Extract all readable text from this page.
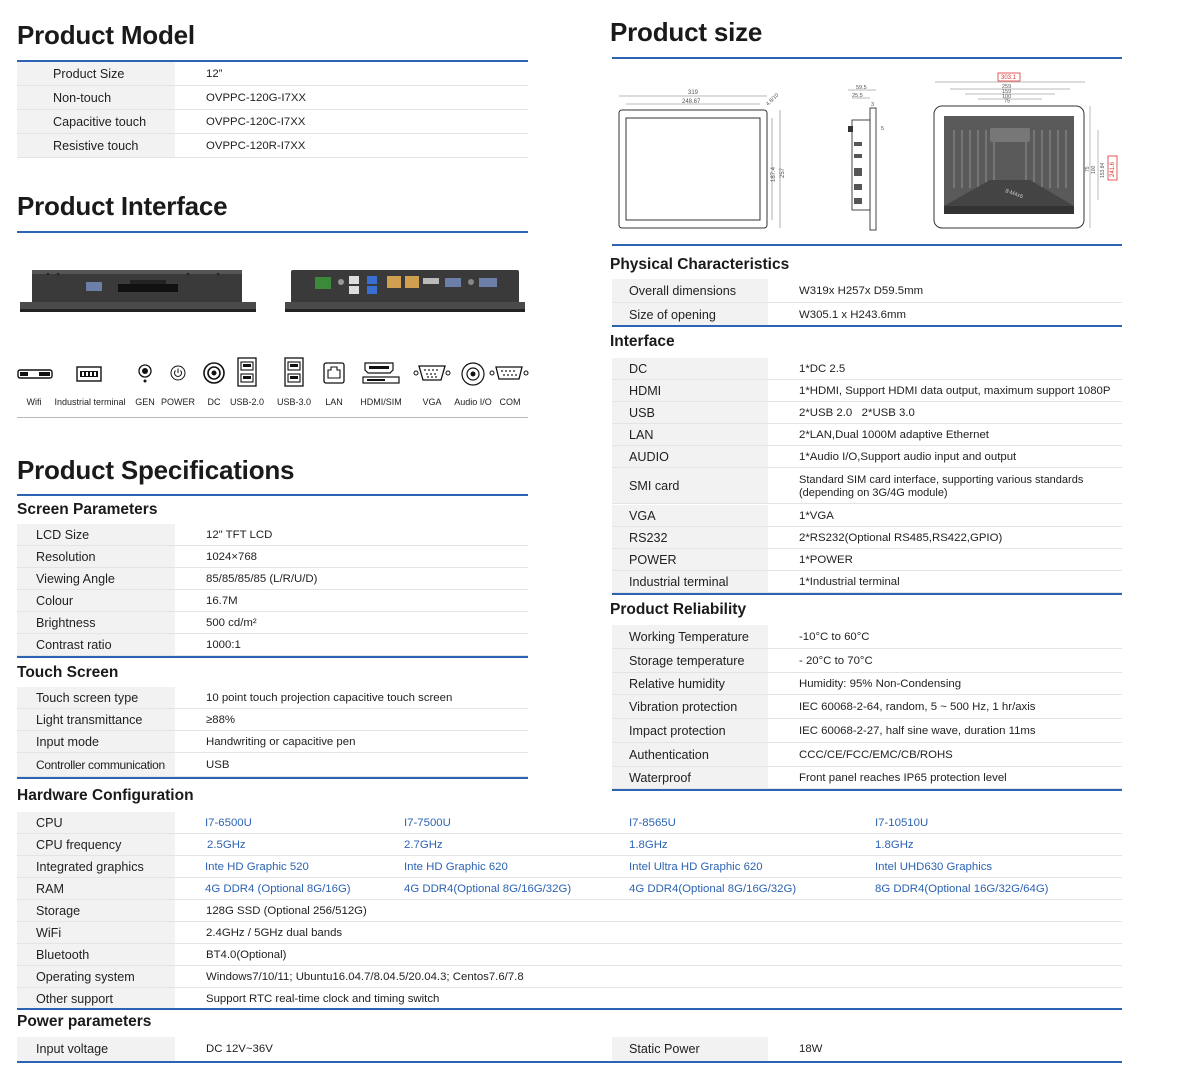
Product Model
Product Size	12”
Non-touch	OVPPC-120G-I7XX
Capacitive touch	OVPPC-120C-I7XX
Resistive touch	OVPPC-120R-I7XX
Product Interface
Wifi	Industrial terminal	GEN POWER	DC	USB-2.0	USB-3.0	LAN	HDMI/SIM	VGA	Audio I/O COM
Product Specifications
Screen Parameters
LCD Size	12" TFT LCD
Resolution	1024×768
Viewing Angle	85/85/85/85 (L/R/U/D)
Colour	16.7M
Brightness	500 cd/m²
Contrast ratio	1000:1
Touch Screen
Touch screen type	10 point touch projection capacitive touch screen
Light transmittance	≥88%
Input mode	Handwriting or capacitive pen
Controller communication	USB
Product size
319
248.67
187.4 257
4.8/10
59.5
25.5
3
5
303.1
259
159
100
75
8-M4x6
241.6
153.84
100
75
Physical Characteristics
Overall dimensions	W319x H257x D59.5mm
Size of opening	W305.1 x H243.6mm
Interface
DC	1*DC 2.5
HDMI	1*HDMI, Support HDMI data output, maximum support 1080P
USB	2*USB 2.0   2*USB 3.0
LAN	2*LAN,Dual 1000M adaptive Ethernet
AUDIO	1*Audio I/O,Support audio input and output
SMI card	Standard SIM card interface, supporting various standards
(depending on 3G/4G module)
VGA	1*VGA
RS232	2*RS232(Optional RS485,RS422,GPIO)
POWER	1*POWER
Industrial terminal	1*Industrial terminal
Product Reliability
Working Temperature	-10°C to 60°C
Storage temperature	- 20°C to 70°C
Relative humidity	Humidity: 95% Non-Condensing
Vibration protection	IEC 60068-2-64, random, 5 ~ 500 Hz, 1 hr/axis
Impact protection	IEC 60068-2-27, half sine wave, duration 11ms
Authentication	CCC/CE/FCC/EMC/CB/ROHS
Waterproof	Front panel reaches IP65 protection level
Hardware Configuration
CPU	I7-6500U	I7-7500U	I7-8565U	I7-10510U
CPU frequency	2.5GHz	2.7GHz	1.8GHz	1.8GHz
Integrated graphics	Inte HD Graphic 520	Inte HD Graphic 620	Intel Ultra HD Graphic 620	Intel UHD630 Graphics
RAM	4G DDR4 (Optional 8G/16G)	4G DDR4(Optional 8G/16G/32G)	4G DDR4(Optional 8G/16G/32G)	8G DDR4(Optional 16G/32G/64G)
Storage	128G SSD (Optional 256/512G)
WiFi	2.4GHz / 5GHz dual bands
Bluetooth	BT4.0(Optional)
Operating system	Windows7/10/11; Ubuntu16.04.7/8.04.5/20.04.3; Centos7.6/7.8
Other support	Support RTC real-time clock and timing switch
Power parameters
Input voltage	DC 12V~36V	Static Power	18W
